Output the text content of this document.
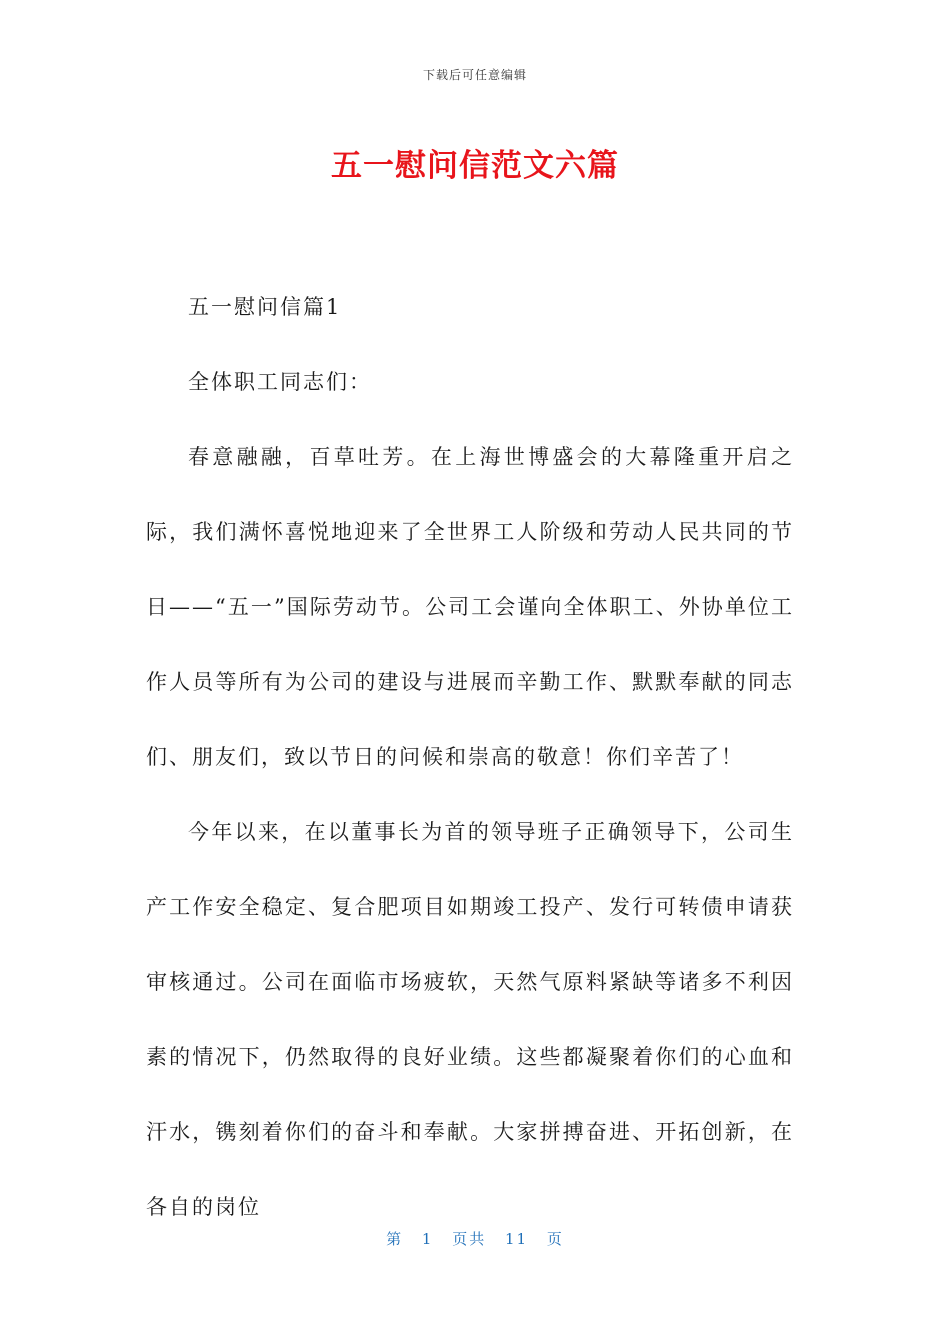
下载后可任意编辑
五一慰问信范文六篇

五一慰问信篇1

全体职工同志们：

春意融融，百草吐芳。在上海世博盛会的大幕隆重开启之际，我们满怀喜悦地迎来了全世界工人阶级和劳动人民共同的节日——“五一”国际劳动节。公司工会谨向全体职工、外协单位工作人员等所有为公司的建设与进展而辛勤工作、默默奉献的同志们、朋友们，致以节日的问候和崇高的敬意！你们辛苦了！

今年以来，在以董事长为首的领导班子正确领导下，公司生产工作安全稳定、复合肥项目如期竣工投产、发行可转债申请获审核通过。公司在面临市场疲软，天然气原料紧缺等诸多不利因素的情况下，仍然取得的良好业绩。这些都凝聚着你们的心血和汗水，镌刻着你们的奋斗和奉献。大家拼搏奋进、开拓创新，在各自的岗位

第 1 页共 11 页
